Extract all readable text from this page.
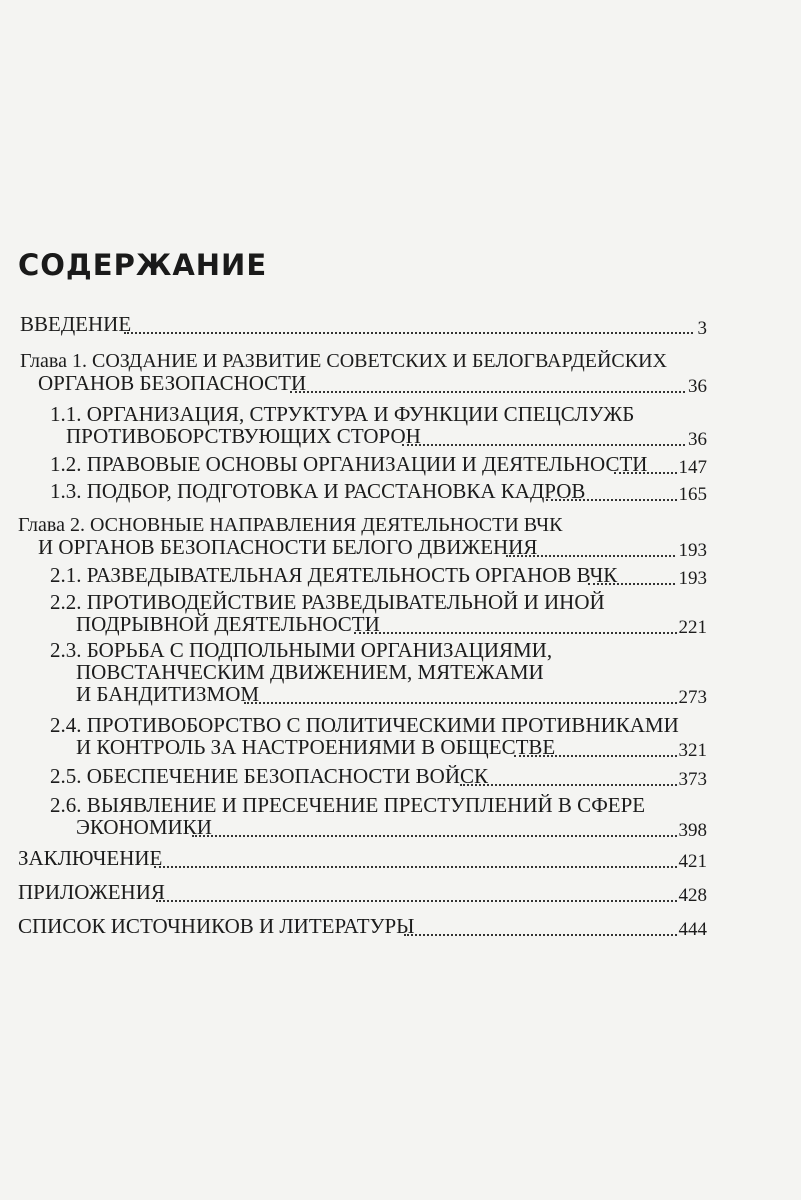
СОДЕРЖАНИЕ
ВВЕДЕНИЕ	3
Глава 1. СОЗДАНИЕ И РАЗВИТИЕ СОВЕТСКИХ И БЕЛОГВАРДЕЙСКИХ
ОРГАНОВ БЕЗОПАСНОСТИ	36
1.1. ОРГАНИЗАЦИЯ, СТРУКТУРА И ФУНКЦИИ СПЕЦСЛУЖБ
ПРОТИВОБОРСТВУЮЩИХ СТОРОН	36
1.2. ПРАВОВЫЕ ОСНОВЫ ОРГАНИЗАЦИИ И ДЕЯТЕЛЬНОСТИ 147
1.3. ПОДБОР, ПОДГОТОВКА И РАССТАНОВКА КАДРОВ	165
Глава 2. ОСНОВНЫЕ НАПРАВЛЕНИЯ ДЕЯТЕЛЬНОСТИ ВЧК
И ОРГАНОВ БЕЗОПАСНОСТИ БЕЛОГО ДВИЖЕНИЯ	193
2.1. РАЗВЕДЫВАТЕЛЬНАЯ ДЕЯТЕЛЬНОСТЬ ОРГАНОВ ВЧК	193
2.2. ПРОТИВОДЕЙСТВИЕ РАЗВЕДЫВАТЕЛЬНОЙ И ИНОЙ
ПОДРЫВНОЙ ДЕЯТЕЛЬНОСТИ	221
2.3. БОРЬБА С ПОДПОЛЬНЫМИ ОРГАНИЗАЦИЯМИ,
ПОВСТАНЧЕСКИМ ДВИЖЕНИЕМ, МЯТЕЖАМИ
И БАНДИТИЗМОМ	273
2.4. ПРОТИВОБОРСТВО С ПОЛИТИЧЕСКИМИ ПРОТИВНИКАМИ
И КОНТРОЛЬ ЗА НАСТРОЕНИЯМИ В ОБЩЕСТВЕ	321
2.5. ОБЕСПЕЧЕНИЕ БЕЗОПАСНОСТИ ВОЙСК	373
2.6. ВЫЯВЛЕНИЕ И ПРЕСЕЧЕНИЕ ПРЕСТУПЛЕНИЙ В СФЕРЕ
ЭКОНОМИКИ	398
ЗАКЛЮЧЕНИЕ	421
ПРИЛОЖЕНИЯ	428
СПИСОК ИСТОЧНИКОВ И ЛИТЕРАТУРЫ	444
